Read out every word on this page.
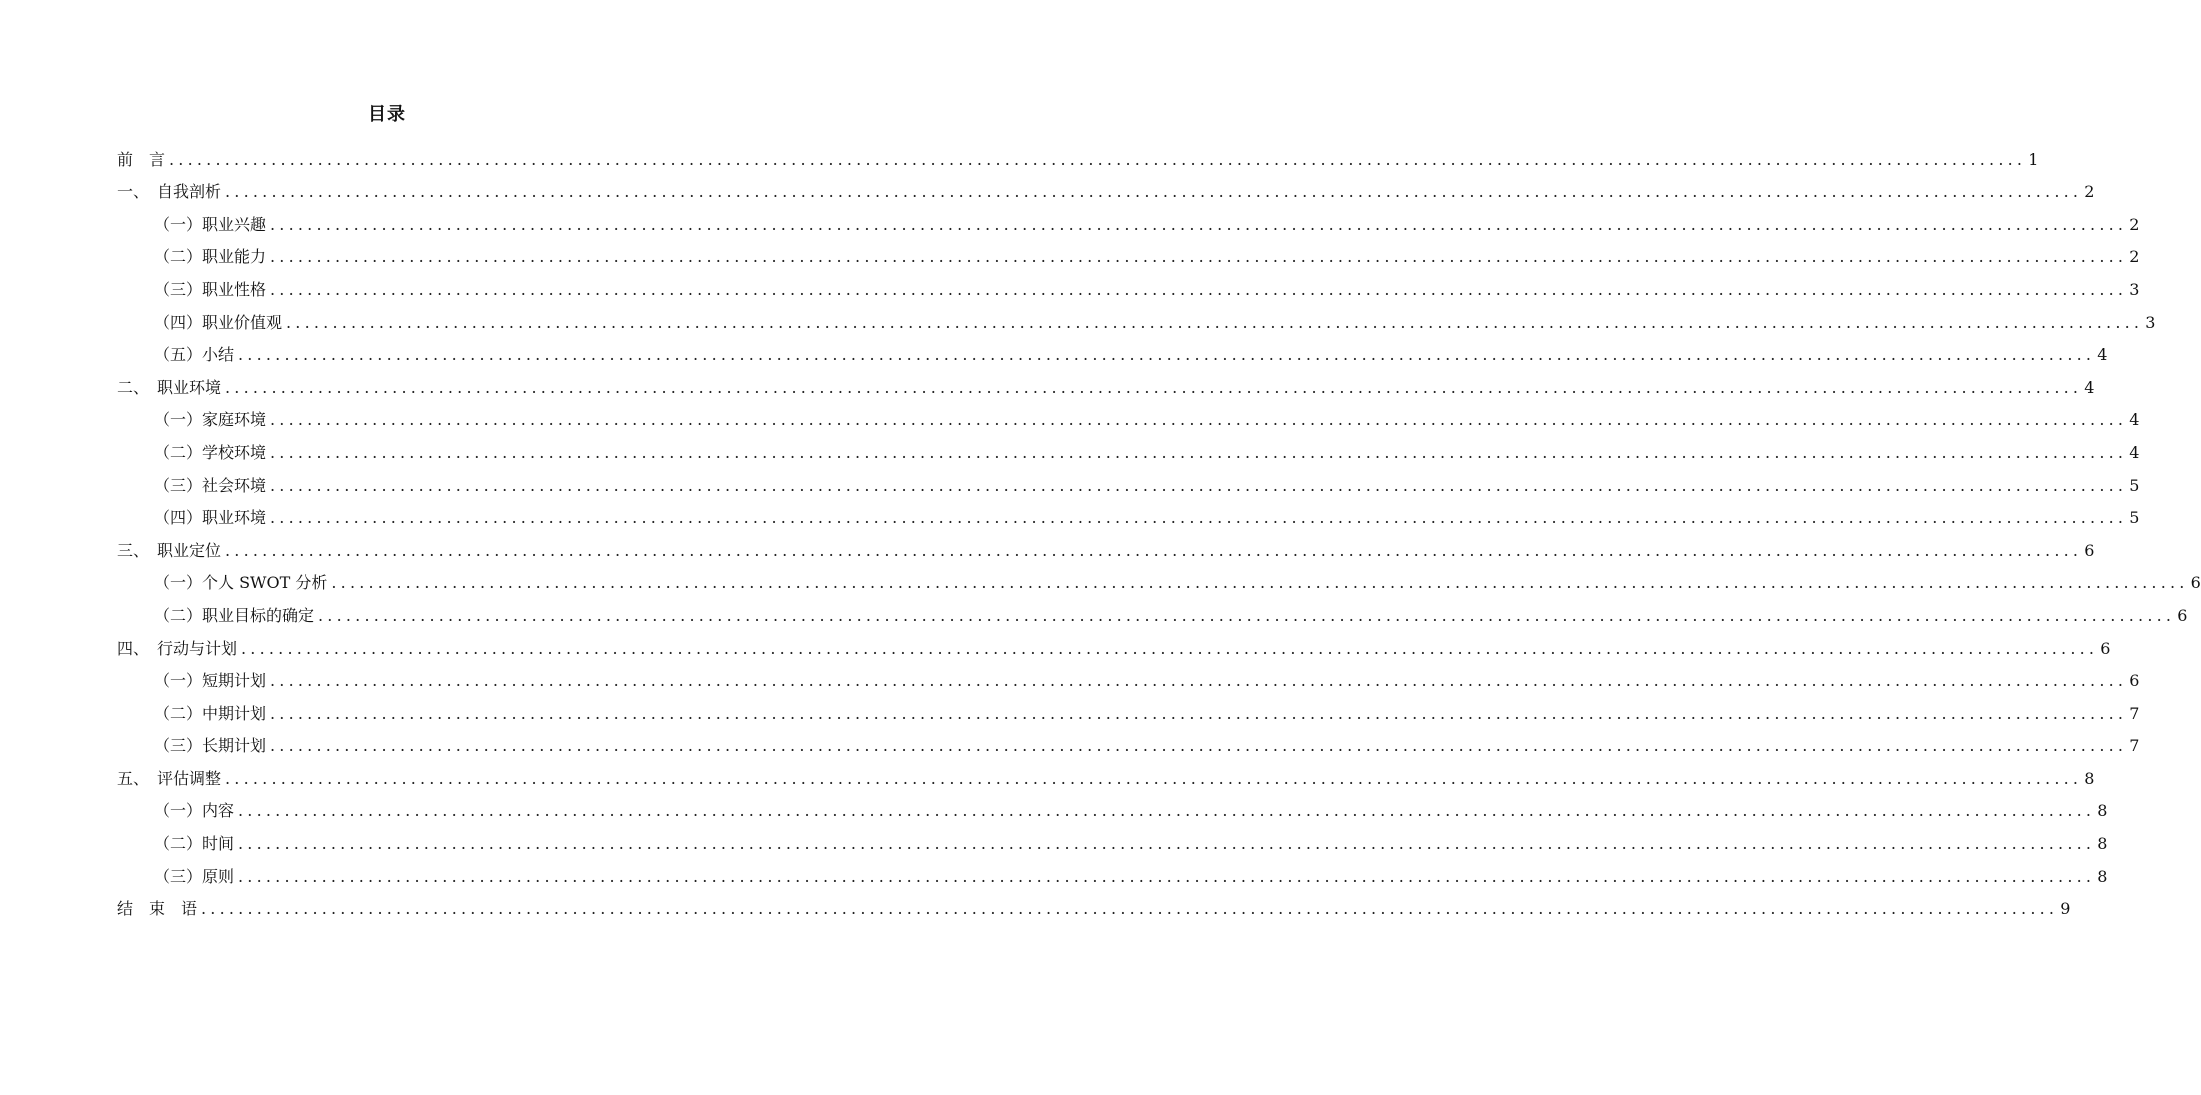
目录
前　言 ........................................................................................................................................................................................................ 1
一、　自我剖析 ........................................................................................................................................................................................................ 2
（一）职业兴趣 ........................................................................................................................................................................................................ 2
（二）职业能力 ........................................................................................................................................................................................................ 2
（三）职业性格 ........................................................................................................................................................................................................ 3
（四）职业价值观 ........................................................................................................................................................................................................ 3
（五）小结 ........................................................................................................................................................................................................ 4
二、　职业环境 ........................................................................................................................................................................................................ 4
（一）家庭环境 ........................................................................................................................................................................................................ 4
（二）学校环境 ........................................................................................................................................................................................................ 4
（三）社会环境 ........................................................................................................................................................................................................ 5
（四）职业环境 ........................................................................................................................................................................................................ 5
三、　职业定位 ........................................................................................................................................................................................................ 6
（一）个人 SWOT 分析 ........................................................................................................................................................................................................ 6
（二）职业目标的确定 ........................................................................................................................................................................................................ 6
四、　行动与计划 ........................................................................................................................................................................................................ 6
（一）短期计划 ........................................................................................................................................................................................................ 6
（二）中期计划 ........................................................................................................................................................................................................ 7
（三）长期计划 ........................................................................................................................................................................................................ 7
五、　评估调整 ........................................................................................................................................................................................................ 8
（一）内容 ........................................................................................................................................................................................................ 8
（二）时间 ........................................................................................................................................................................................................ 8
（三）原则 ........................................................................................................................................................................................................ 8
结　束　语 ........................................................................................................................................................................................................ 9
